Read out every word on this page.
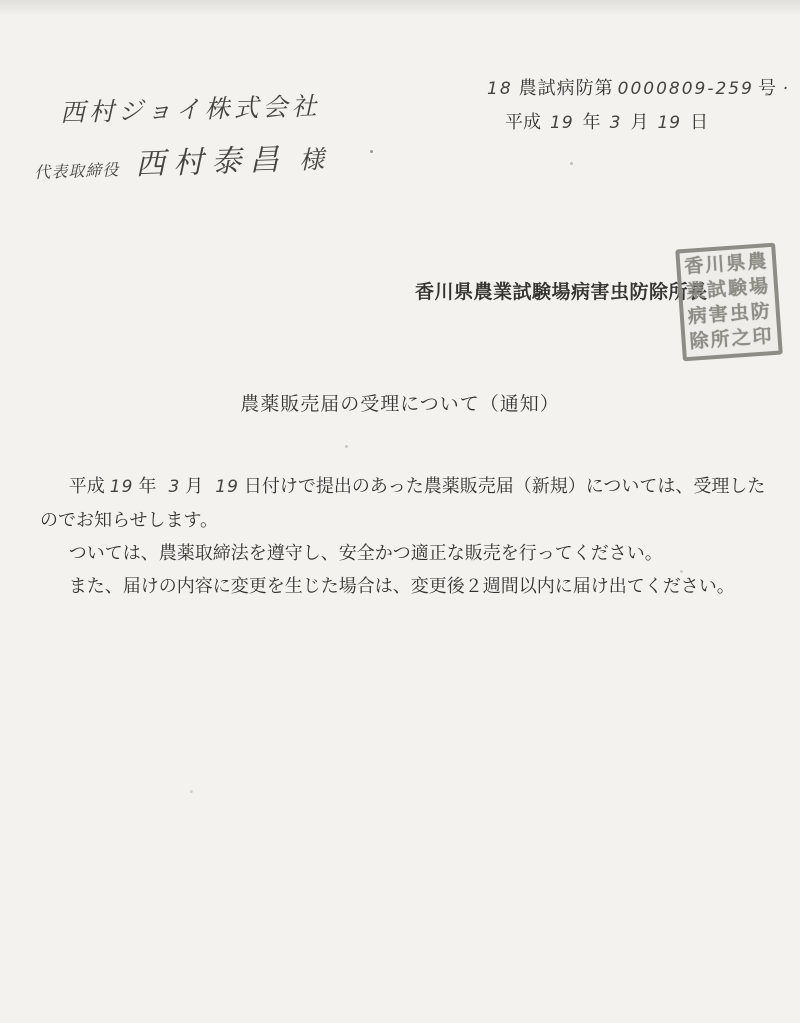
18 農試病防第 0000809-259 号 ·
平成 19 年 3 月 19 日
西村ジョイ株式会社
代表取締役 西村泰昌 様
香川県農業試験場病害虫防除所長
香川県農
業試験場
病害虫防
除所之印
農薬販売届の受理について（通知）

平成 19 年 3 月 19 日付けで提出のあった農薬販売届（新規）については、受理したのでお知らせします。

ついては、農薬取締法を遵守し、安全かつ適正な販売を行ってください。

また、届けの内容に変更を生じた場合は、変更後２週間以内に届け出てください。
